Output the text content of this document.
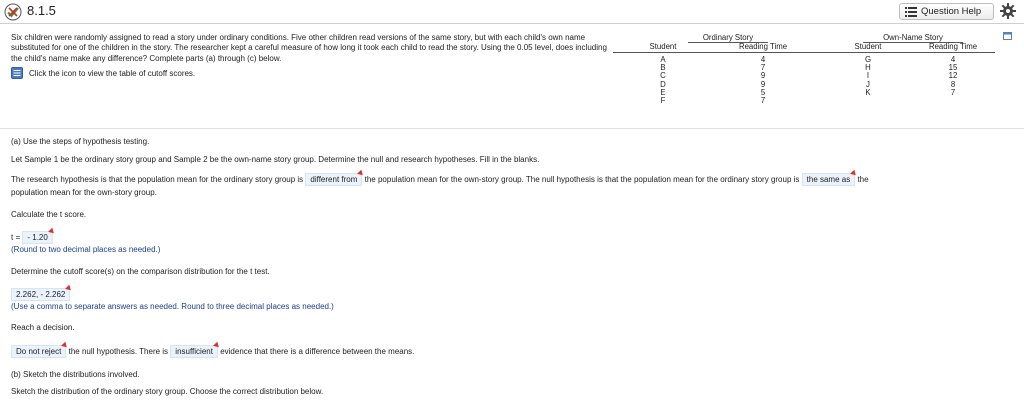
8.1.5	Question Help

Six children were randomly assigned to read a story under ordinary conditions. Five other children read versions of the same story, but with each child's own name substituted for one of the children in the story. The researcher kept a careful measure of how long it took each child to read the story. Using the 0.05 level, does including the child's name make any difference? Complete parts (a) through (c) below.

Click the icon to view the table of cutoff scores.
Ordinary Story	Own-Name Story
Student	Reading Time	Student	Reading Time
A	4	G	4
B	7	H	15
C	9	I	12
D	9	J	8
E	5	K	7
F	7
(a) Use the steps of hypothesis testing.
Let Sample 1 be the ordinary story group and Sample 2 be the own-name story group. Determine the null and research hypotheses. Fill in the blanks.
The research hypothesis is that the population mean for the ordinary story group is different from the population mean for the own-story group. The null hypothesis is that the population mean for the ordinary story group is the same as the
population mean for the own-story group.
Calculate the t score.
t = - 1.20
(Round to two decimal places as needed.)
Determine the cutoff score(s) on the comparison distribution for the t test.
2.262, - 2.262
(Use a comma to separate answers as needed. Round to three decimal places as needed.)
Reach a decision.
Do not reject the null hypothesis. There is insufficient evidence that there is a difference between the means.
(b) Sketch the distributions involved.
Sketch the distribution of the ordinary story group. Choose the correct distribution below.
